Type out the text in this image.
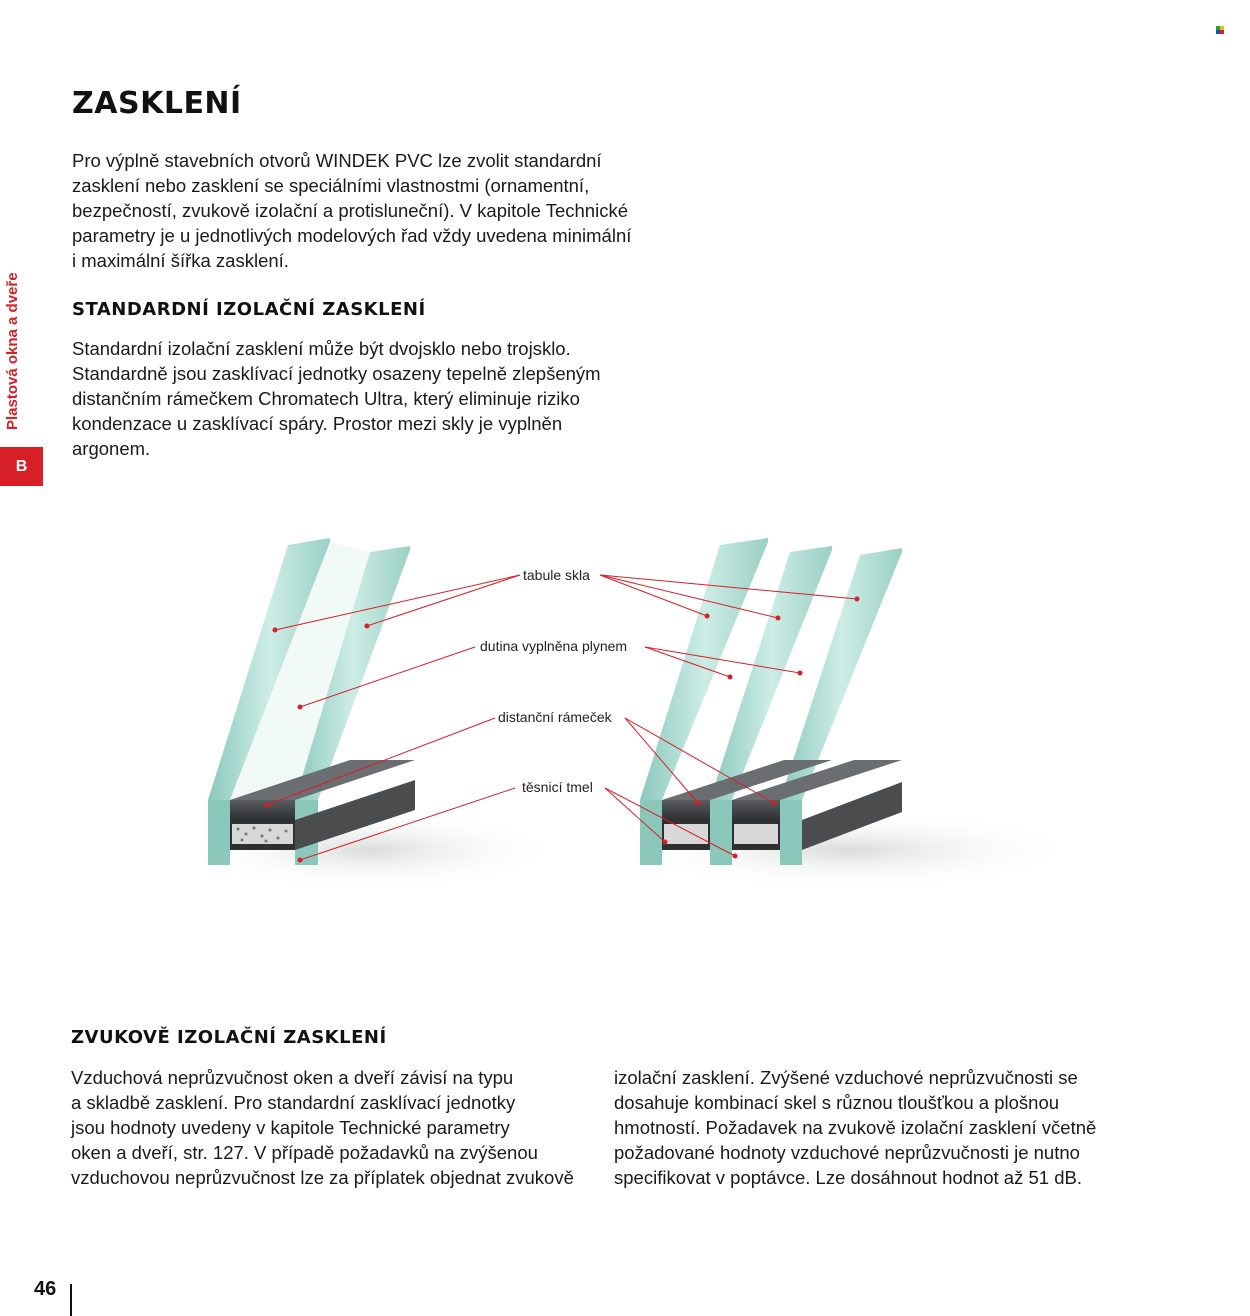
Plastová okna a dveře
B
ZASKLENÍ

Pro výplně stavebních otvorů WINDEK PVC lze zvolit standardní
zasklení nebo zasklení se speciálními vlastnostmi (ornamentní,
bezpečností, zvukově izolační a protisluneční). V kapitole Technické
parametry je u jednotlivých modelových řad vždy uvedena minimální
i maximální šířka zasklení.

STANDARDNÍ IZOLAČNÍ ZASKLENÍ

Standardní izolační zasklení může být dvojsklo nebo trojsklo.
Standardně jsou zasklívací jednotky osazeny tepelně zlepšeným
distančním rámečkem Chromatech Ultra, který eliminuje riziko
kondenzace u zasklívací spáry. Prostor mezi skly je vyplněn
argonem.

tabule skla
dutina vyplněna plynem
distanční rámeček
těsnicí tmel
ZVUKOVĚ IZOLAČNÍ ZASKLENÍ

Vzduchová neprůzvučnost oken a dveří závisí na typu
a skladbě zasklení. Pro standardní zasklívací jednotky
jsou hodnoty uvedeny v kapitole Technické parametry
oken a dveří, str. 127. V případě požadavků na zvýšenou
vzduchovou neprůzvučnost lze za příplatek objednat zvukově

izolační zasklení. Zvýšené vzduchové neprůzvučnosti se
dosahuje kombinací skel s různou tloušťkou a plošnou
hmotností. Požadavek na zvukově izolační zasklení včetně
požadované hodnoty vzduchové neprůzvučnosti je nutno
specifikovat v poptávce. Lze dosáhnout hodnot až 51 dB.

46
